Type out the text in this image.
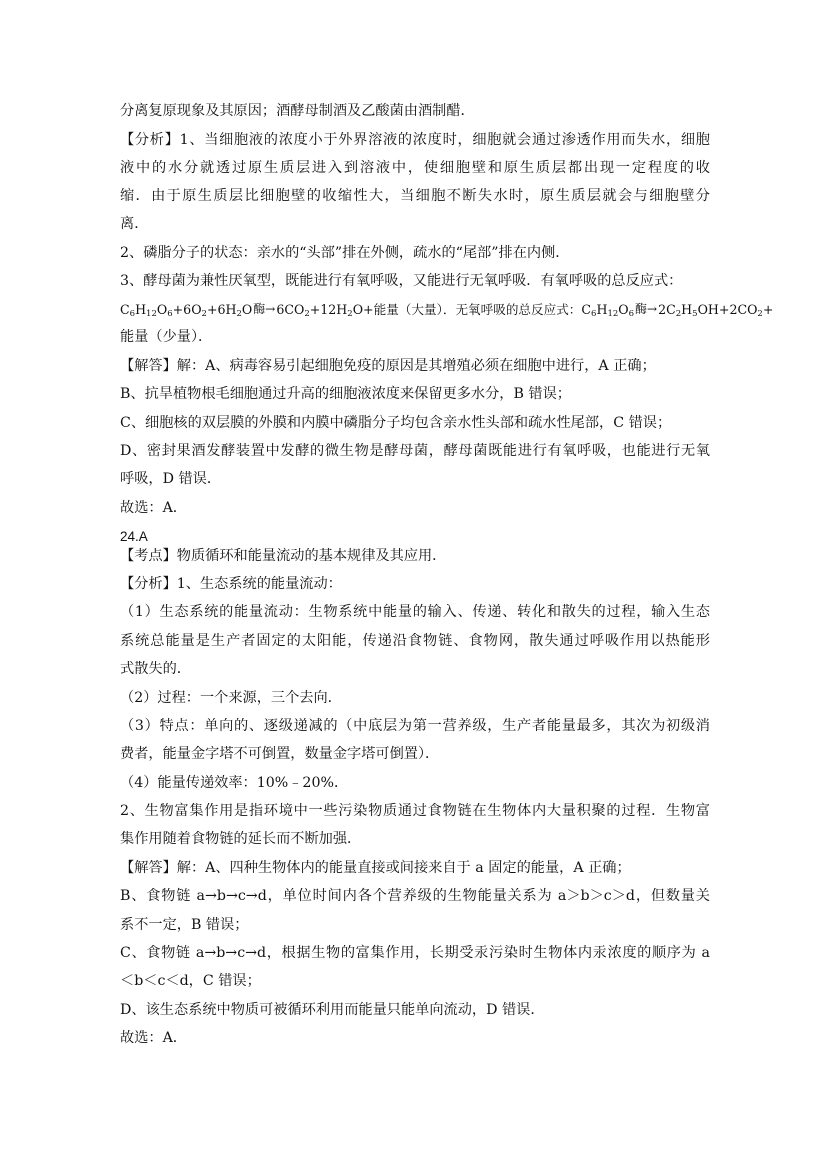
分离复原现象及其原因；酒酵母制酒及乙酸菌由酒制醋．
【分析】1、当细胞液的浓度小于外界溶液的浓度时，细胞就会通过渗透作用而失水，细胞
液中的水分就透过原生质层进入到溶液中，使细胞壁和原生质层都出现一定程度的收
缩．由于原生质层比细胞壁的收缩性大，当细胞不断失水时，原生质层就会与细胞壁分
离．
2、磷脂分子的状态：亲水的“头部”排在外侧，疏水的“尾部”排在内侧．
3、酵母菌为兼性厌氧型，既能进行有氧呼吸，又能进行无氧呼吸．有氧呼吸的总反应式：
$C_6H_{12}O_6+6O_2+6H_2O$酶$\to 6CO_2+12H_2O+$能量（大量）．无氧呼吸的总反应式：$C_6H_{12}O_6$酶$\to 2C_2H_5OH+2CO_2+$
能量（少量）．
【解答】解：A、病毒容易引起细胞免疫的原因是其增殖必须在细胞中进行，A 正确；
B、抗旱植物根毛细胞通过升高的细胞液浓度来保留更多水分，B 错误；
C、细胞核的双层膜的外膜和内膜中磷脂分子均包含亲水性头部和疏水性尾部，C 错误；
D、密封果酒发酵装置中发酵的微生物是酵母菌，酵母菌既能进行有氧呼吸，也能进行无氧
呼吸，D 错误．
故选：A．
24.A
【考点】物质循环和能量流动的基本规律及其应用．
【分析】1、生态系统的能量流动：
（1）生态系统的能量流动：生物系统中能量的输入、传递、转化和散失的过程，输入生态
系统总能量是生产者固定的太阳能，传递沿食物链、食物网，散失通过呼吸作用以热能形
式散失的．
（2）过程：一个来源，三个去向．
（3）特点：单向的、逐级递减的（中底层为第一营养级，生产者能量最多，其次为初级消
费者，能量金字塔不可倒置，数量金字塔可倒置）．
（4）能量传递效率：10%﹣20%．
2、生物富集作用是指环境中一些污染物质通过食物链在生物体内大量积聚的过程．生物富
集作用随着食物链的延长而不断加强．
【解答】解：A、四种生物体内的能量直接或间接来自于 a 固定的能量，A 正确；
B、食物链 a→b→c→d，单位时间内各个营养级的生物能量关系为 a＞b＞c＞d，但数量关
系不一定，B 错误；
C、食物链 a→b→c→d，根据生物的富集作用，长期受汞污染时生物体内汞浓度的顺序为 a
＜b＜c＜d，C 错误；
D、该生态系统中物质可被循环利用而能量只能单向流动，D 错误．
故选：A．
